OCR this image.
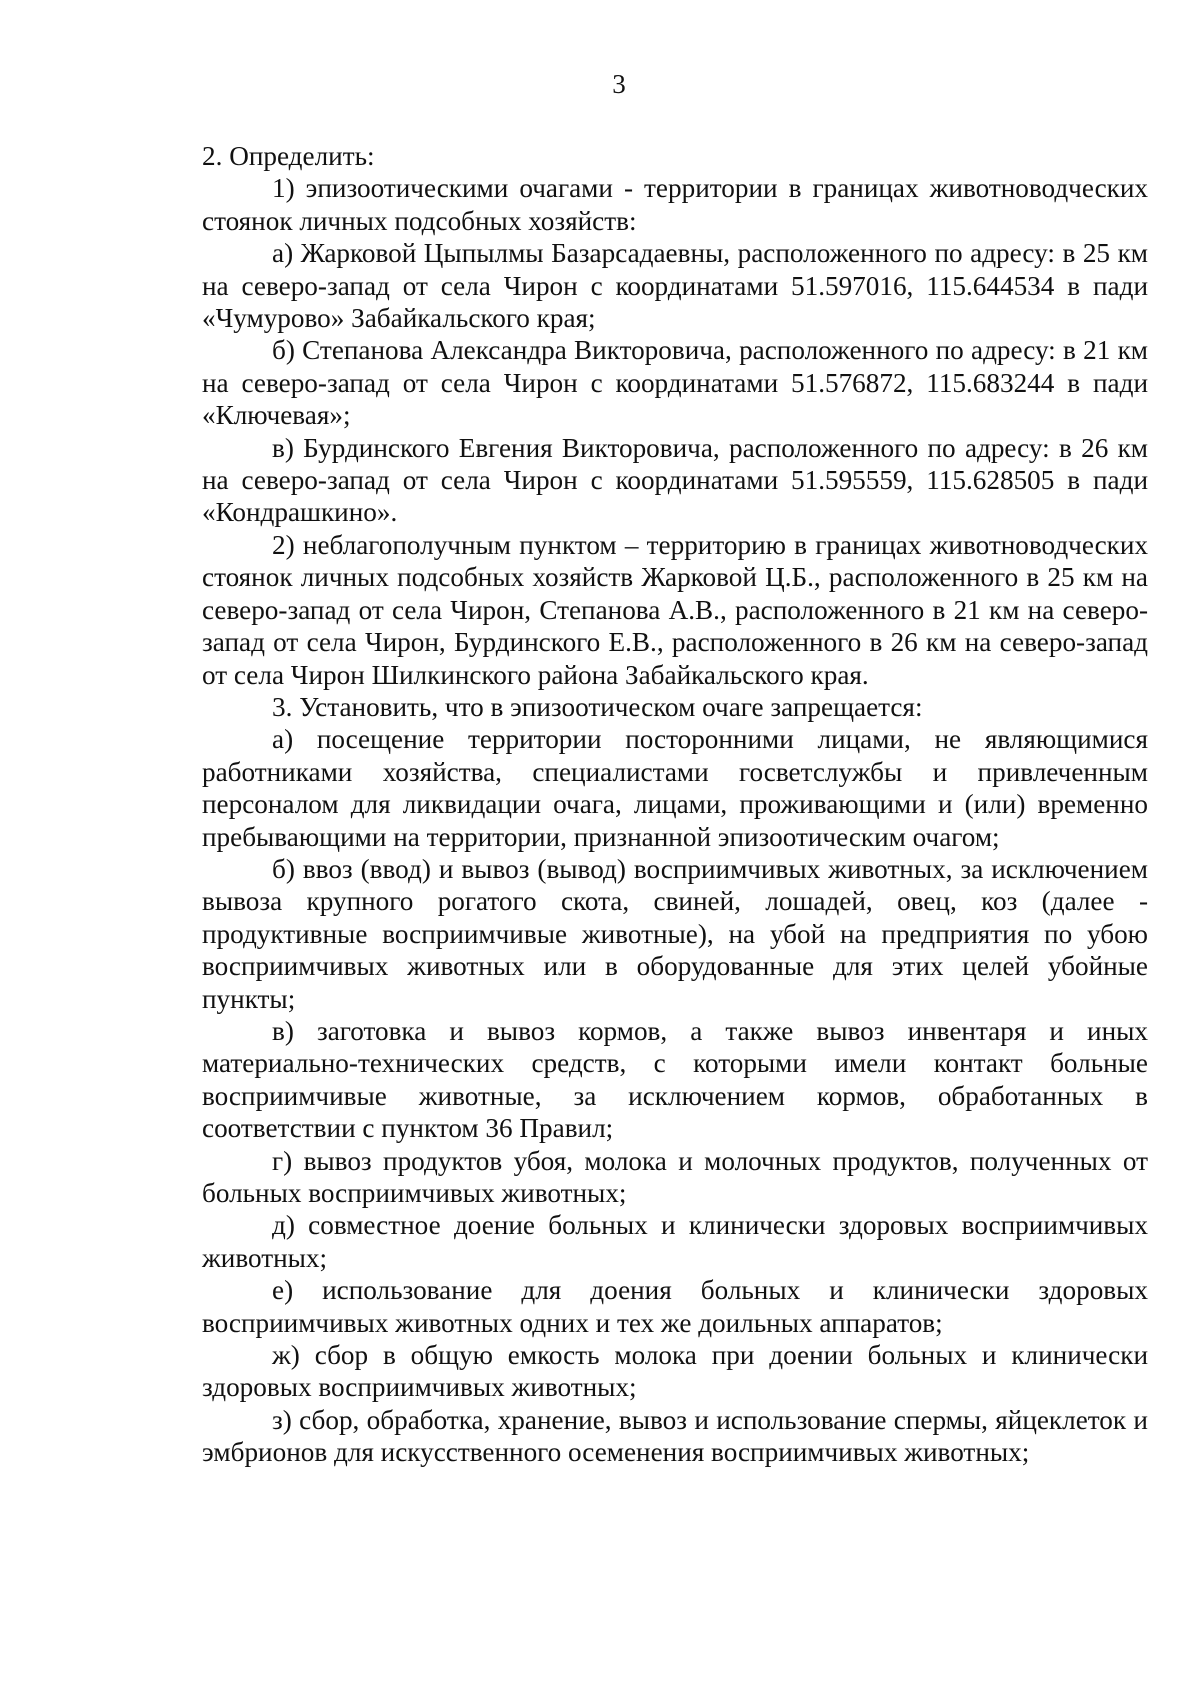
3

2. Определить:

1) эпизоотическими очагами - территории в границах животноводческих стоянок личных подсобных хозяйств:

а) Жарковой Цыпылмы Базарсадаевны, расположенного по адресу: в 25 км на северо-запад от села Чирон с координатами 51.597016, 115.644534 в пади «Чумурово» Забайкальского края;

б) Степанова Александра Викторовича, расположенного по адресу: в 21 км на северо-запад от села Чирон с координатами 51.576872, 115.683244 в пади «Ключевая»;

в) Бурдинского Евгения Викторовича, расположенного по адресу: в 26 км на северо-запад от села Чирон с координатами 51.595559, 115.628505 в пади «Кондрашкино».

2) неблагополучным пунктом – территорию в границах животноводческих стоянок личных подсобных хозяйств Жарковой Ц.Б., расположенного в 25 км на северо-запад от села Чирон, Степанова А.В., расположенного в 21 км на северо-запад от села Чирон, Бурдинского Е.В., расположенного в 26 км на северо-запад от села Чирон Шилкинского района Забайкальского края.

3. Установить, что в эпизоотическом очаге запрещается:

а) посещение территории посторонними лицами, не являющимися работниками хозяйства, специалистами госветслужбы и привлеченным персоналом для ликвидации очага, лицами, проживающими и (или) временно пребывающими на территории, признанной эпизоотическим очагом;

б) ввоз (ввод) и вывоз (вывод) восприимчивых животных, за исключением вывоза крупного рогатого скота, свиней, лошадей, овец, коз (далее - продуктивные восприимчивые животные), на убой на предприятия по убою восприимчивых животных или в оборудованные для этих целей убойные пункты;

в) заготовка и вывоз кормов, а также вывоз инвентаря и иных материально-технических средств, с которыми имели контакт больные восприимчивые животные, за исключением кормов, обработанных в соответствии с пунктом 36 Правил;

г) вывоз продуктов убоя, молока и молочных продуктов, полученных от больных восприимчивых животных;

д) совместное доение больных и клинически здоровых восприимчивых животных;

е) использование для доения больных и клинически здоровых восприимчивых животных одних и тех же доильных аппаратов;

ж) сбор в общую емкость молока при доении больных и клинически здоровых восприимчивых животных;

з) сбор, обработка, хранение, вывоз и использование спермы, яйцеклеток и эмбрионов для искусственного осеменения восприимчивых животных;
